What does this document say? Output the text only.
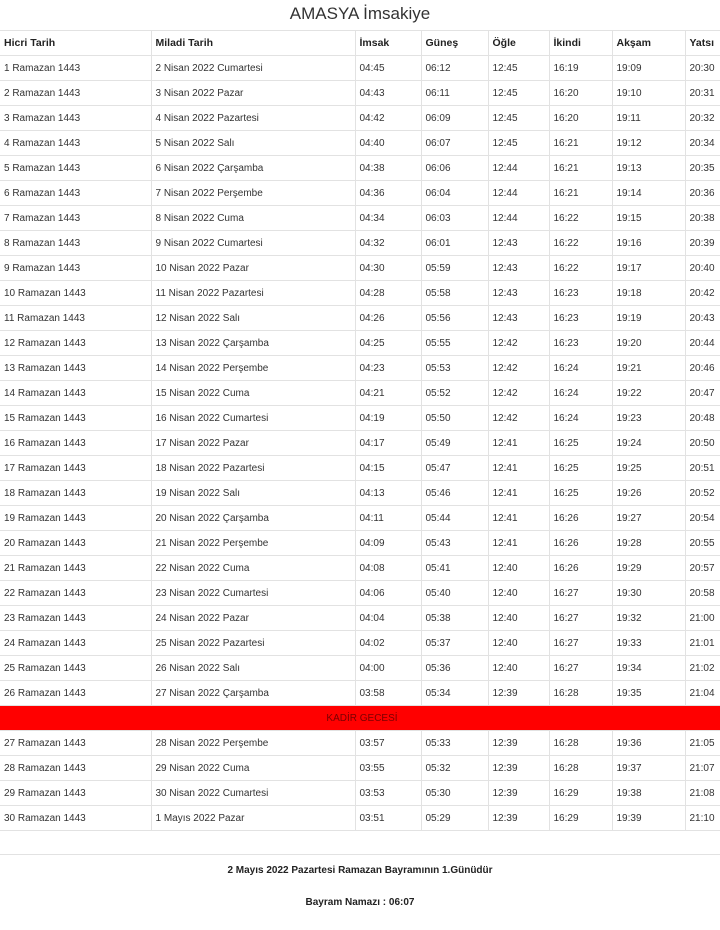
AMASYA İmsakiye
Hicri Tarih	Miladi Tarih	İmsak	Güneş	Öğle	İkindi	Akşam	Yatsı
1 Ramazan 1443	2 Nisan 2022 Cumartesi	04:45	06:12	12:45	16:19	19:09	20:30
2 Ramazan 1443	3 Nisan 2022 Pazar	04:43	06:11	12:45	16:20	19:10	20:31
3 Ramazan 1443	4 Nisan 2022 Pazartesi	04:42	06:09	12:45	16:20	19:11	20:32
4 Ramazan 1443	5 Nisan 2022 Salı	04:40	06:07	12:45	16:21	19:12	20:34
5 Ramazan 1443	6 Nisan 2022 Çarşamba	04:38	06:06	12:44	16:21	19:13	20:35
6 Ramazan 1443	7 Nisan 2022 Perşembe	04:36	06:04	12:44	16:21	19:14	20:36
7 Ramazan 1443	8 Nisan 2022 Cuma	04:34	06:03	12:44	16:22	19:15	20:38
8 Ramazan 1443	9 Nisan 2022 Cumartesi	04:32	06:01	12:43	16:22	19:16	20:39
9 Ramazan 1443	10 Nisan 2022 Pazar	04:30	05:59	12:43	16:22	19:17	20:40
10 Ramazan 1443	11 Nisan 2022 Pazartesi	04:28	05:58	12:43	16:23	19:18	20:42
11 Ramazan 1443	12 Nisan 2022 Salı	04:26	05:56	12:43	16:23	19:19	20:43
12 Ramazan 1443	13 Nisan 2022 Çarşamba	04:25	05:55	12:42	16:23	19:20	20:44
13 Ramazan 1443	14 Nisan 2022 Perşembe	04:23	05:53	12:42	16:24	19:21	20:46
14 Ramazan 1443	15 Nisan 2022 Cuma	04:21	05:52	12:42	16:24	19:22	20:47
15 Ramazan 1443	16 Nisan 2022 Cumartesi	04:19	05:50	12:42	16:24	19:23	20:48
16 Ramazan 1443	17 Nisan 2022 Pazar	04:17	05:49	12:41	16:25	19:24	20:50
17 Ramazan 1443	18 Nisan 2022 Pazartesi	04:15	05:47	12:41	16:25	19:25	20:51
18 Ramazan 1443	19 Nisan 2022 Salı	04:13	05:46	12:41	16:25	19:26	20:52
19 Ramazan 1443	20 Nisan 2022 Çarşamba	04:11	05:44	12:41	16:26	19:27	20:54
20 Ramazan 1443	21 Nisan 2022 Perşembe	04:09	05:43	12:41	16:26	19:28	20:55
21 Ramazan 1443	22 Nisan 2022 Cuma	04:08	05:41	12:40	16:26	19:29	20:57
22 Ramazan 1443	23 Nisan 2022 Cumartesi	04:06	05:40	12:40	16:27	19:30	20:58
23 Ramazan 1443	24 Nisan 2022 Pazar	04:04	05:38	12:40	16:27	19:32	21:00
24 Ramazan 1443	25 Nisan 2022 Pazartesi	04:02	05:37	12:40	16:27	19:33	21:01
25 Ramazan 1443	26 Nisan 2022 Salı	04:00	05:36	12:40	16:27	19:34	21:02
26 Ramazan 1443	27 Nisan 2022 Çarşamba	03:58	05:34	12:39	16:28	19:35	21:04
KADİR GECESİ							
27 Ramazan 1443	28 Nisan 2022 Perşembe	03:57	05:33	12:39	16:28	19:36	21:05
28 Ramazan 1443	29 Nisan 2022 Cuma	03:55	05:32	12:39	16:28	19:37	21:07
29 Ramazan 1443	30 Nisan 2022 Cumartesi	03:53	05:30	12:39	16:29	19:38	21:08
30 Ramazan 1443	1 Mayıs 2022 Pazar	03:51	05:29	12:39	16:29	19:39	21:10
2 Mayıs 2022 Pazartesi Ramazan Bayramının 1.Günüdür
Bayram Namazı : 06:07
